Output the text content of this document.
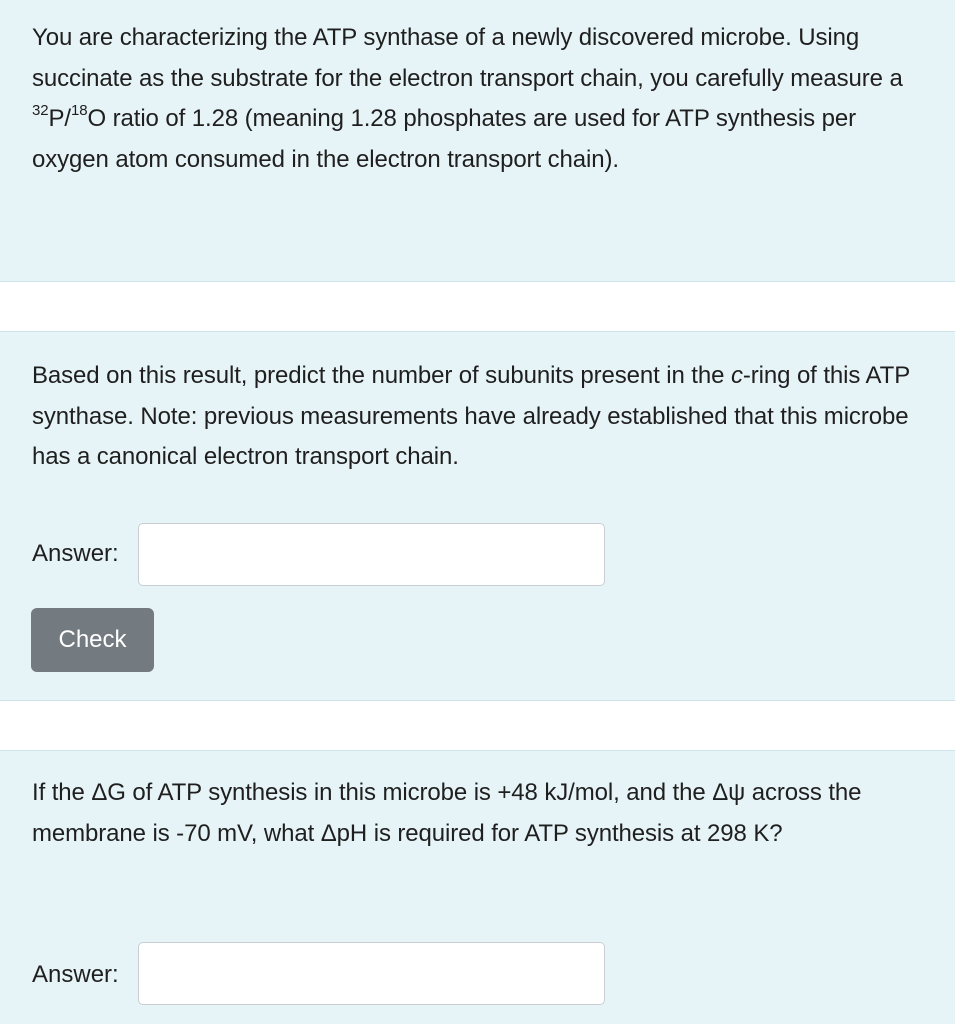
You are characterizing the ATP synthase of a newly discovered microbe. Using succinate as the substrate for the electron transport chain, you carefully measure a $^{32}$P/$^{18}$O ratio of 1.28 (meaning 1.28 phosphates are used for ATP synthesis per oxygen atom consumed in the electron transport chain).
Based on this result, predict the number of subunits present in the c-ring of this ATP synthase. Note: previous measurements have already established that this microbe has a canonical electron transport chain.
Answer:
Check
If the ΔG of ATP synthesis in this microbe is +48 kJ/mol, and the Δψ across the membrane is -70 mV, what ΔpH is required for ATP synthesis at 298 K?
Answer:
